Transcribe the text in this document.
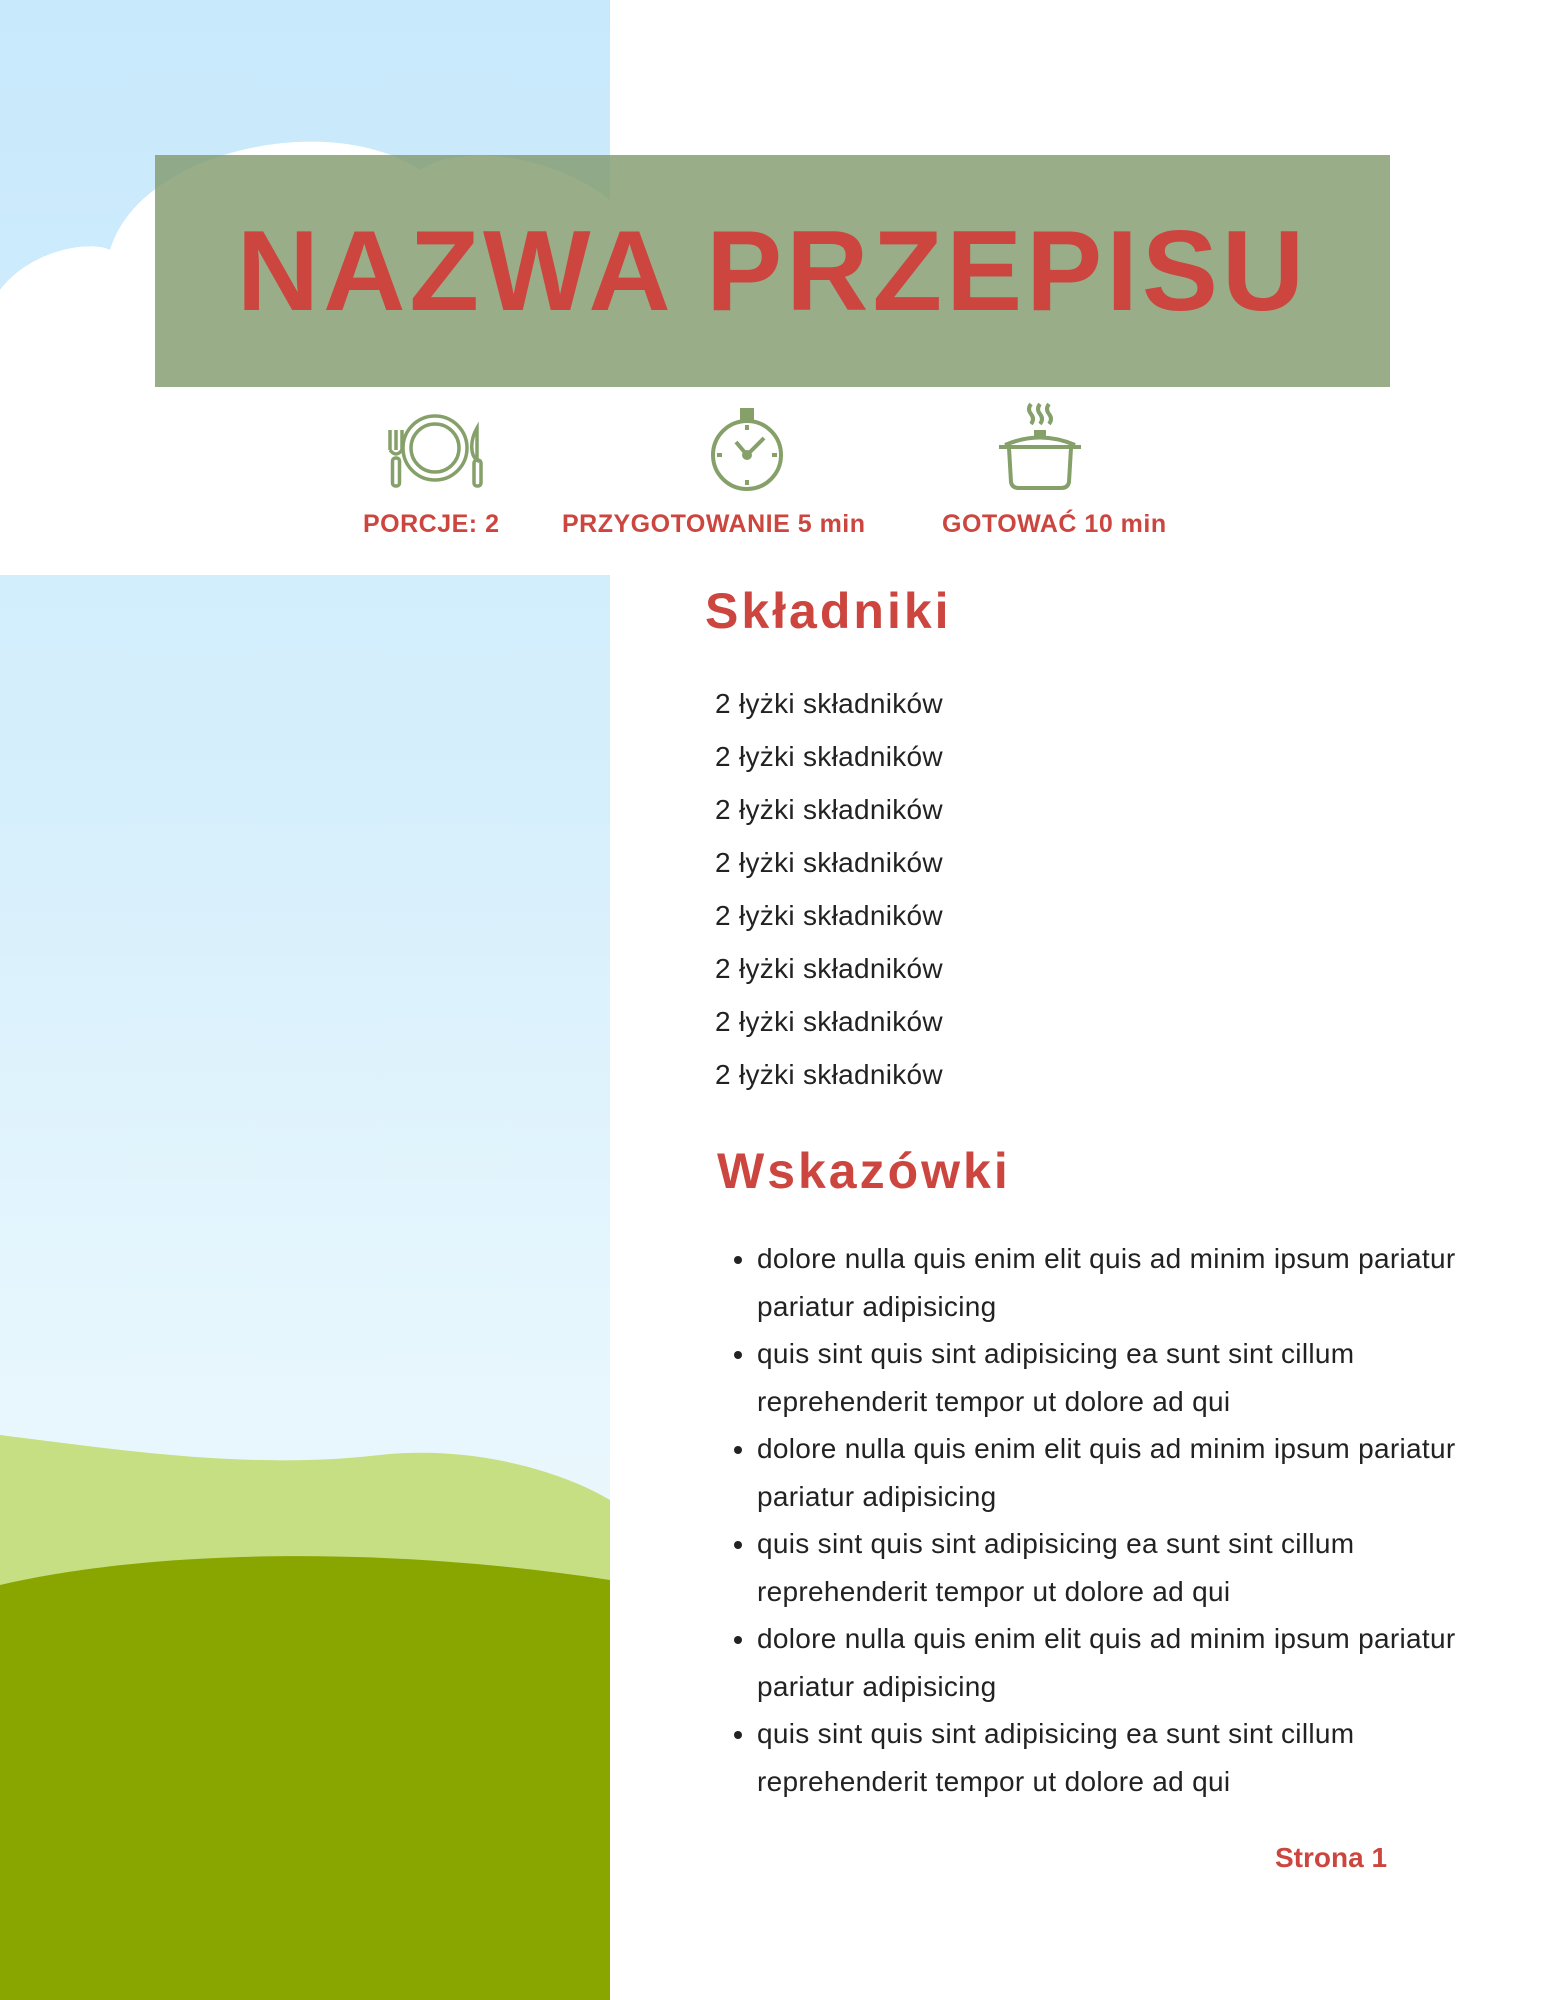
NAZWA PRZEPISU
PORCJE: 2	PRZYGOTOWANIE 5 min	GOTOWAĆ 10 min
Składniki
2 łyżki składników
2 łyżki składników
2 łyżki składników
2 łyżki składników
2 łyżki składników
2 łyżki składników
2 łyżki składników
2 łyżki składników
Wskazówki
• dolore nulla quis enim elit quis ad minim ipsum pariatur pariatur adipisicing
• quis sint quis sint adipisicing ea sunt sint cillum reprehenderit tempor ut dolore ad qui
• dolore nulla quis enim elit quis ad minim ipsum pariatur pariatur adipisicing
• quis sint quis sint adipisicing ea sunt sint cillum reprehenderit tempor ut dolore ad qui
• dolore nulla quis enim elit quis ad minim ipsum pariatur pariatur adipisicing
• quis sint quis sint adipisicing ea sunt sint cillum reprehenderit tempor ut dolore ad qui
Strona 1
